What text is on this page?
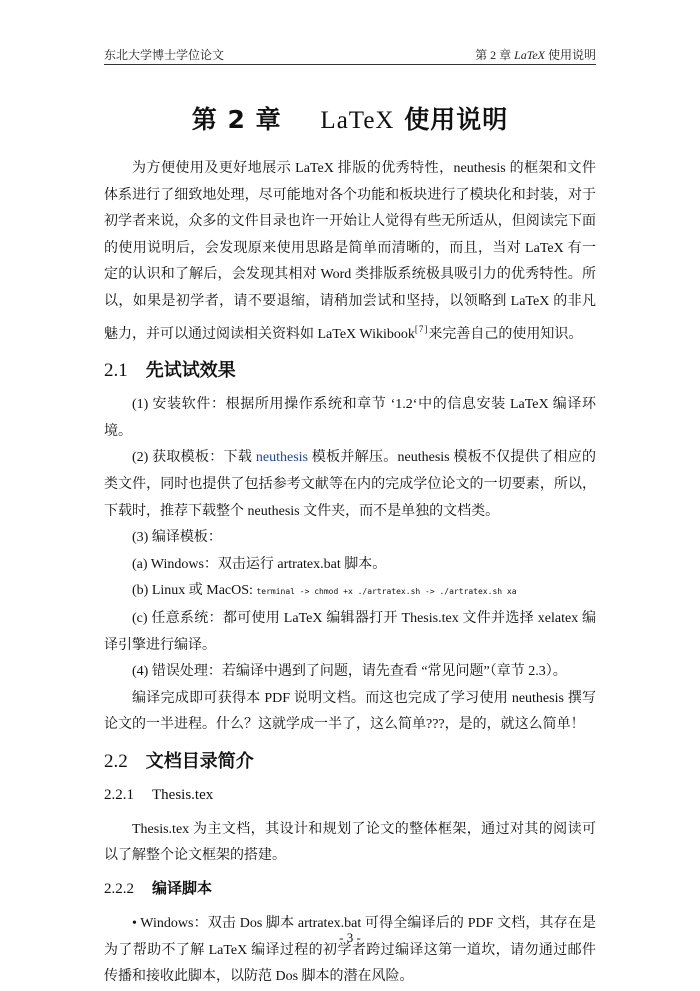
东北大学博士学位论文	第 2 章 LaTeX 使用说明
第 2 章 LaTeX 使用说明

为方便使用及更好地展示 LaTeX 排版的优秀特性，neuthesis 的框架和文件体系进行了细致地处理，尽可能地对各个功能和板块进行了模块化和封装，对于初学者来说，众多的文件目录也许一开始让人觉得有些无所适从，但阅读完下面的使用说明后，会发现原来使用思路是简单而清晰的，而且，当对 LaTeX 有一定的认识和了解后，会发现其相对 Word 类排版系统极具吸引力的优秀特性。所以，如果是初学者，请不要退缩，请稍加尝试和坚持，以领略到 LaTeX 的非凡魅力，并可以通过阅读相关资料如 LaTeX Wikibook[7]来完善自己的使用知识。

2.1 先试试效果

(1) 安装软件：根据所用操作系统和章节 ‘1.2‘中的信息安装 LaTeX 编译环境。

(2) 获取模板：下载 neuthesis 模板并解压。neuthesis 模板不仅提供了相应的类文件，同时也提供了包括参考文献等在内的完成学位论文的一切要素，所以，下载时，推荐下载整个 neuthesis 文件夹，而不是单独的文档类。

(3) 编译模板：

(a) Windows：双击运行 artratex.bat 脚本。

(b) Linux 或 MacOS: terminal -> chmod +x ./artratex.sh -> ./artratex.sh xa

(c) 任意系统：都可使用 LaTeX 编辑器打开 Thesis.tex 文件并选择 xelatex 编译引擎进行编译。

(4) 错误处理：若编译中遇到了问题，请先查看 “常见问题”（章节 2.3）。

编译完成即可获得本 PDF 说明文档。而这也完成了学习使用 neuthesis 撰写论文的一半进程。什么？这就学成一半了，这么简单???，是的，就这么简单！

2.2 文档目录简介
2.2.1 Thesis.tex

Thesis.tex 为主文档，其设计和规划了论文的整体框架，通过对其的阅读可以了解整个论文框架的搭建。

2.2.2 编译脚本

• Windows：双击 Dos 脚本 artratex.bat 可得全编译后的 PDF 文档，其存在是为了帮助不了解 LaTeX 编译过程的初学者跨过编译这第一道坎，请勿通过邮件传播和接收此脚本，以防范 Dos 脚本的潜在风险。

- 3 -
